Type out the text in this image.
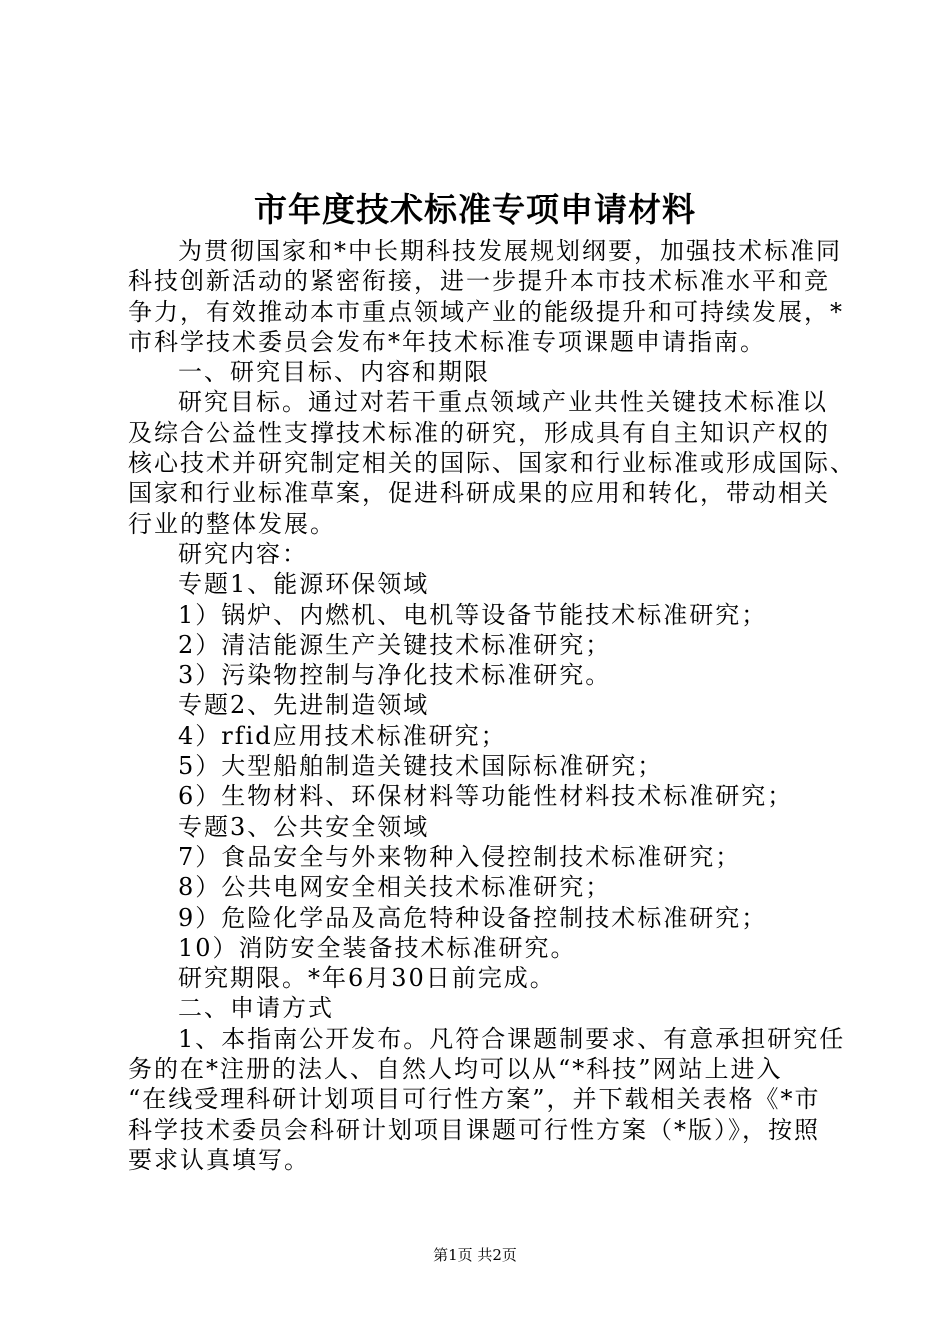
市年度技术标准专项申请材料
为贯彻国家和*中长期科技发展规划纲要，加强技术标准同
科技创新活动的紧密衔接，进一步提升本市技术标准水平和竞
争力，有效推动本市重点领域产业的能级提升和可持续发展，*
市科学技术委员会发布*年技术标准专项课题申请指南。
一、研究目标、内容和期限
研究目标。通过对若干重点领域产业共性关键技术标准以
及综合公益性支撑技术标准的研究，形成具有自主知识产权的
核心技术并研究制定相关的国际、国家和行业标准或形成国际、
国家和行业标准草案，促进科研成果的应用和转化，带动相关
行业的整体发展。
研究内容：
专题1、能源环保领域
1）锅炉、内燃机、电机等设备节能技术标准研究；
2）清洁能源生产关键技术标准研究；
3）污染物控制与净化技术标准研究。
专题2、先进制造领域
4）rfid应用技术标准研究；
5）大型船舶制造关键技术国际标准研究；
6）生物材料、环保材料等功能性材料技术标准研究；
专题3、公共安全领域
7）食品安全与外来物种入侵控制技术标准研究；
8）公共电网安全相关技术标准研究；
9）危险化学品及高危特种设备控制技术标准研究；
10）消防安全装备技术标准研究。
研究期限。*年6月30日前完成。
二、申请方式
1、本指南公开发布。凡符合课题制要求、有意承担研究任
务的在*注册的法人、自然人均可以从“*科技”网站上进入
“在线受理科研计划项目可行性方案”，并下载相关表格《*市
科学技术委员会科研计划项目课题可行性方案（*版）》，按照
要求认真填写。
第1页 共2页
